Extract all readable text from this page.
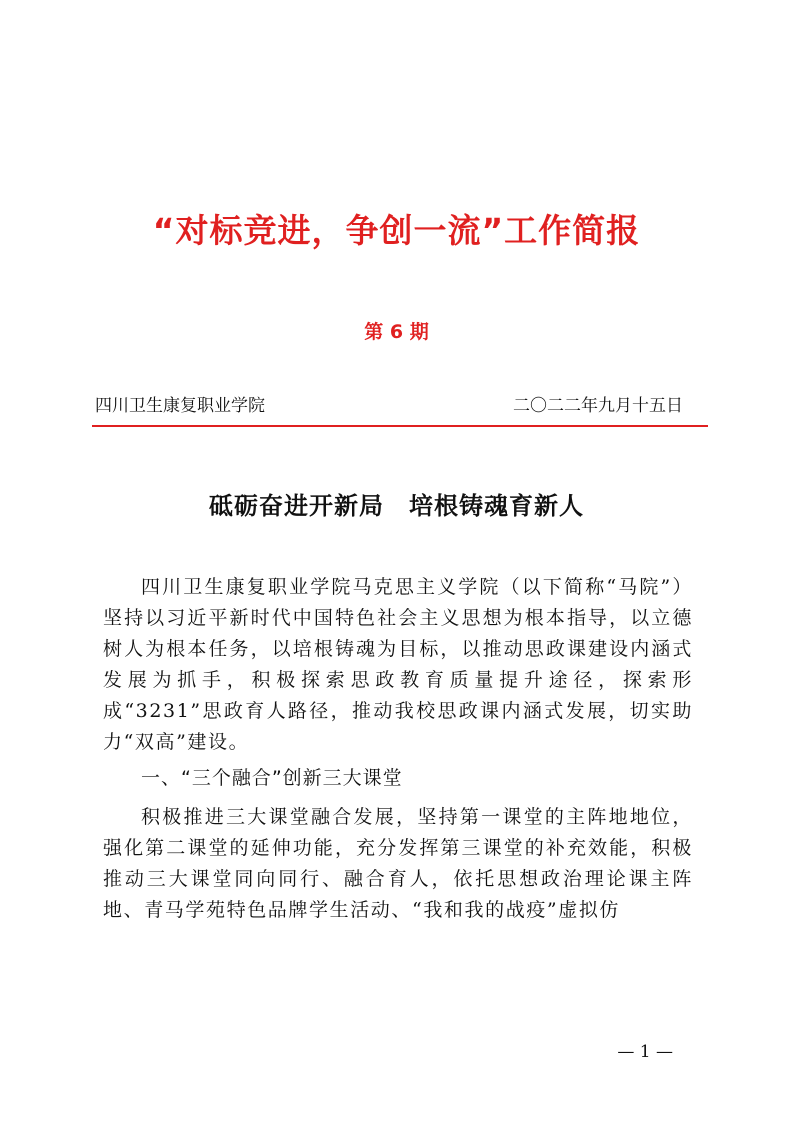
“对标竞进，争创一流”工作简报
第 6 期
四川卫生康复职业学院	二〇二二年九月十五日
砥砺奋进开新局　培根铸魂育新人

四川卫生康复职业学院马克思主义学院（以下简称“马院”）坚持以习近平新时代中国特色社会主义思想为根本指导，以立德树人为根本任务，以培根铸魂为目标，以推动思政课建设内涵式发展为抓手，积极探索思政教育质量提升途径，探索形成“3231”思政育人路径，推动我校思政课内涵式发展，切实助力“双高”建设。

一、“三个融合”创新三大课堂

积极推进三大课堂融合发展，坚持第一课堂的主阵地地位，强化第二课堂的延伸功能，充分发挥第三课堂的补充效能，积极推动三大课堂同向同行、融合育人，依托思想政治理论课主阵地、青马学苑特色品牌学生活动、“我和我的战疫”虚拟仿

— 1 —
